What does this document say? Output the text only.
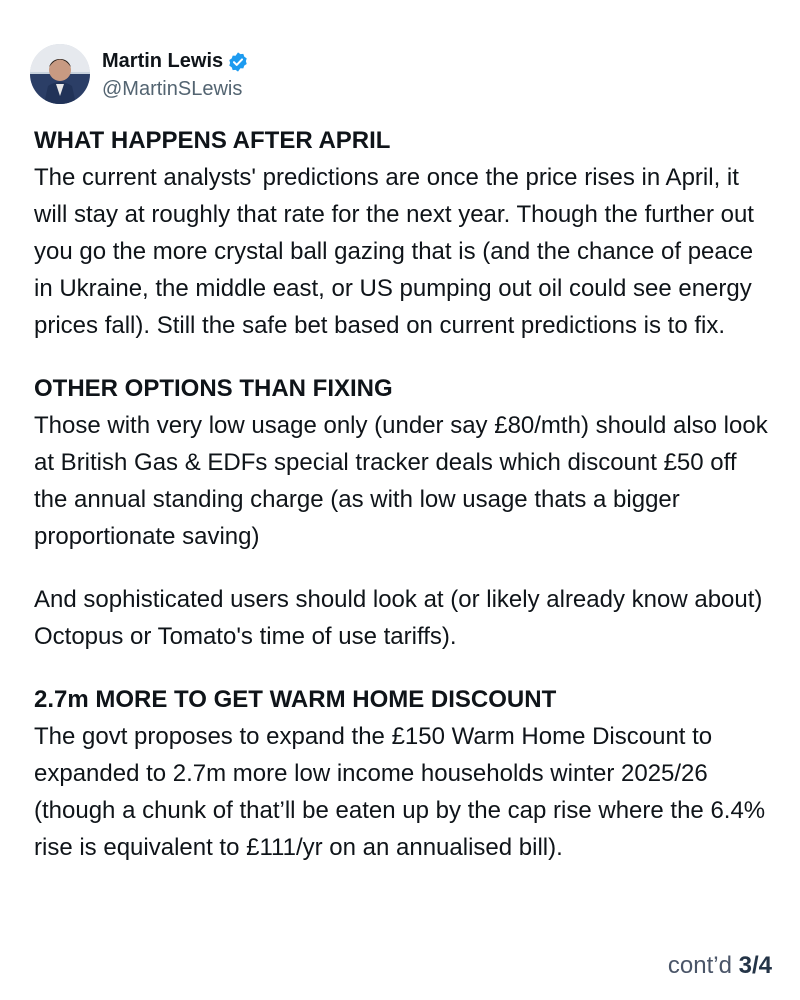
Martin Lewis
@MartinSLewis
WHAT HAPPENS AFTER APRIL
The current analysts' predictions are once the price rises in April, it will stay at roughly that rate for the next year. Though the further out you go the more crystal ball gazing that is (and the chance of peace in Ukraine, the middle east, or US pumping out oil could see energy prices fall). Still the safe bet based on current predictions is to fix.
OTHER OPTIONS THAN FIXING
Those with very low usage only (under say £80/mth) should also look at British Gas & EDFs special tracker deals which discount £50 off the annual standing charge (as with low usage thats a bigger proportionate saving)
And sophisticated users should look at (or likely already know about) Octopus or Tomato's time of use tariffs).
2.7m MORE TO GET WARM HOME DISCOUNT
The govt proposes to expand the £150 Warm Home Discount to expanded to 2.7m more low income households winter 2025/26 (though a chunk of that’ll be eaten up by the cap rise where the 6.4% rise is equivalent to £111/yr on an annualised bill).
cont’d 3/4
